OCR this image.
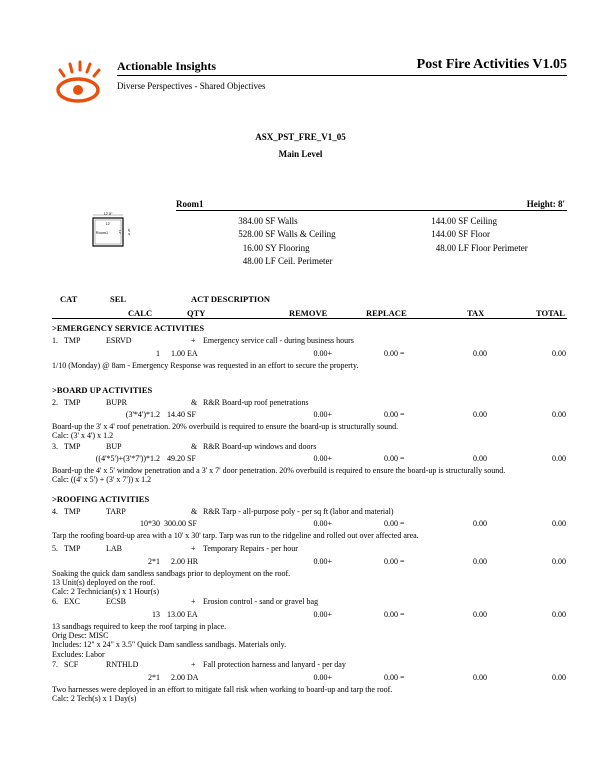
Actionable Insights
Diverse Perspectives - Shared Objectives
Post Fire Activities V1.05
ASX_PST_FRE_V1_05
Main Level
Room1	Height: 8'
12' 8"
12'
Room1	12' 8"
12'
384.00 SF Walls
528.00 SF Walls & Ceiling
16.00 SY Flooring
48.00 LF Ceil. Perimeter
144.00 SF Ceiling
144.00 SF Floor
48.00 LF Floor Perimeter
CAT	SEL	ACT DESCRIPTION
CALC	QTY	REMOVE	REPLACE	TAX	TOTAL
>EMERGENCY SERVICE ACTIVITIES
1. TMP	ESRVD	+ Emergency service call - during business hours
1 1.00 EA	0.00+	0.00 =	0.00	0.00
1/10 (Monday) @ 8am - Emergency Response was requested in an effort to secure the property.
>BOARD UP ACTIVITIES
2. TMP	BUPR	& R&R Board-up roof penetrations
(3'*4')*1.2 14.40 SF	0.00+	0.00 =	0.00	0.00
Board-up the 3' x 4' roof penetration. 20% overbuild is required to ensure the board-up is structurally sound.
Calc: (3' x 4') x 1.2
3. TMP	BUP	& R&R Board-up windows and doors
((4'*5')+(3'*7'))*1.2 49.20 SF	0.00+	0.00 =	0.00	0.00
Board-up the 4' x 5' window penetration and a 3' x 7' door penetration. 20% overbuild is required to ensure the board-up is structurally sound.
Calc: ((4' x 5') + (3' x 7')) x 1.2
>ROOFING ACTIVITIES
4. TMP	TARP	& R&R Tarp - all-purpose poly - per sq ft (labor and material)
10*30 300.00 SF	0.00+	0.00 =	0.00	0.00
Tarp the roofing board-up area with a 10' x 30' tarp. Tarp was run to the ridgeline and rolled out over affected area.
5. TMP	LAB	+ Temporary Repairs - per hour
2*1 2.00 HR	0.00+	0.00 =	0.00	0.00
Soaking the quick dam sandless sandbags prior to deployment on the roof.
13 Unit(s) deployed on the roof.
Calc: 2 Technician(s) x 1 Hour(s)
6. EXC	ECSB	+ Erosion control - sand or gravel bag
13 13.00 EA	0.00+	0.00 =	0.00	0.00
13 sandbags required to keep the roof tarping in place.
Orig Desc: MISC
Includes: 12" x 24" x 3.5" Quick Dam sandless sandbags. Materials only.
Excludes: Labor
7. SCF	RNTHLD	+ Fall protection harness and lanyard - per day
2*1 2.00 DA	0.00+	0.00 =	0.00	0.00
Two harnesses were deployed in an effort to mitigate fall risk when working to board-up and tarp the roof.
Calc: 2 Tech(s) x 1 Day(s)
